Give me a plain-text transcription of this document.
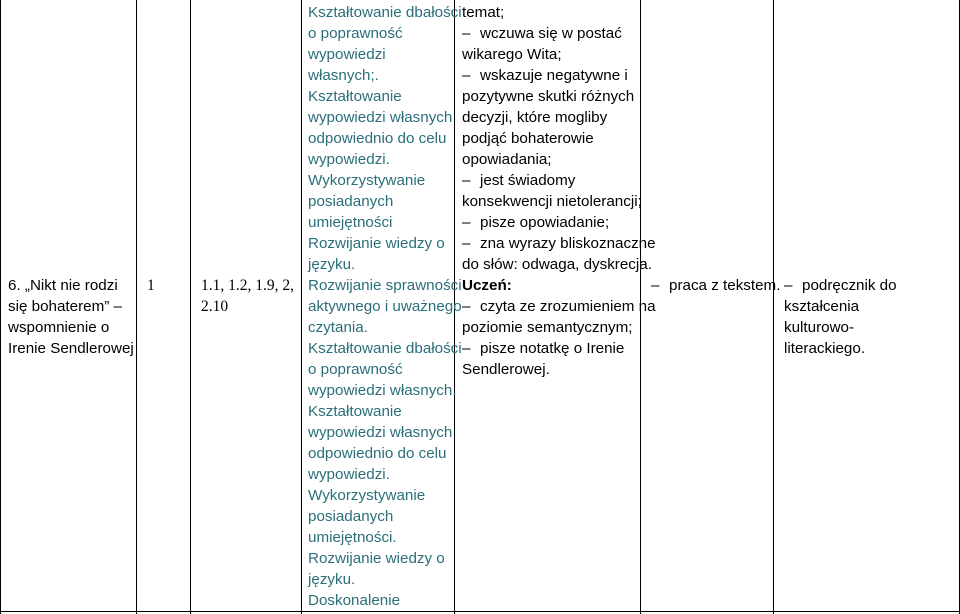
6. „Nikt nie rodzi
się bohaterem” –
wspomnienie o
Irenie Sendlerowej
1	1.1, 1.2, 1.9, 2,
2.10
Kształtowanie dbałości
o poprawność
wypowiedzi
własnych;.
Kształtowanie
wypowiedzi własnych
odpowiednio do celu
wypowiedzi.
Wykorzystywanie
posiadanych
umiejętności
Rozwijanie wiedzy o
języku.
Rozwijanie sprawności
aktywnego i uważnego
czytania.
Kształtowanie dbałości
o poprawność
wypowiedzi własnych.
Kształtowanie
wypowiedzi własnych
odpowiednio do celu
wypowiedzi.
Wykorzystywanie
posiadanych
umiejętności.
Rozwijanie wiedzy o
języku.
Doskonalenie
temat;
– wczuwa się w postać
wikarego Wita;
– wskazuje negatywne i
pozytywne skutki różnych
decyzji, które mogliby
podjąć bohaterowie
opowiadania;
– jest świadomy
konsekwencji nietolerancji;
– pisze opowiadanie;
– zna wyrazy bliskoznaczne
do słów: odwaga, dyskrecja.
Uczeń:
– czyta ze zrozumieniem na
poziomie semantycznym;
– pisze notatkę o Irenie
Sendlerowej.
– praca z tekstem.
–	podręcznik do
kształcenia
kulturowo-
literackiego.
